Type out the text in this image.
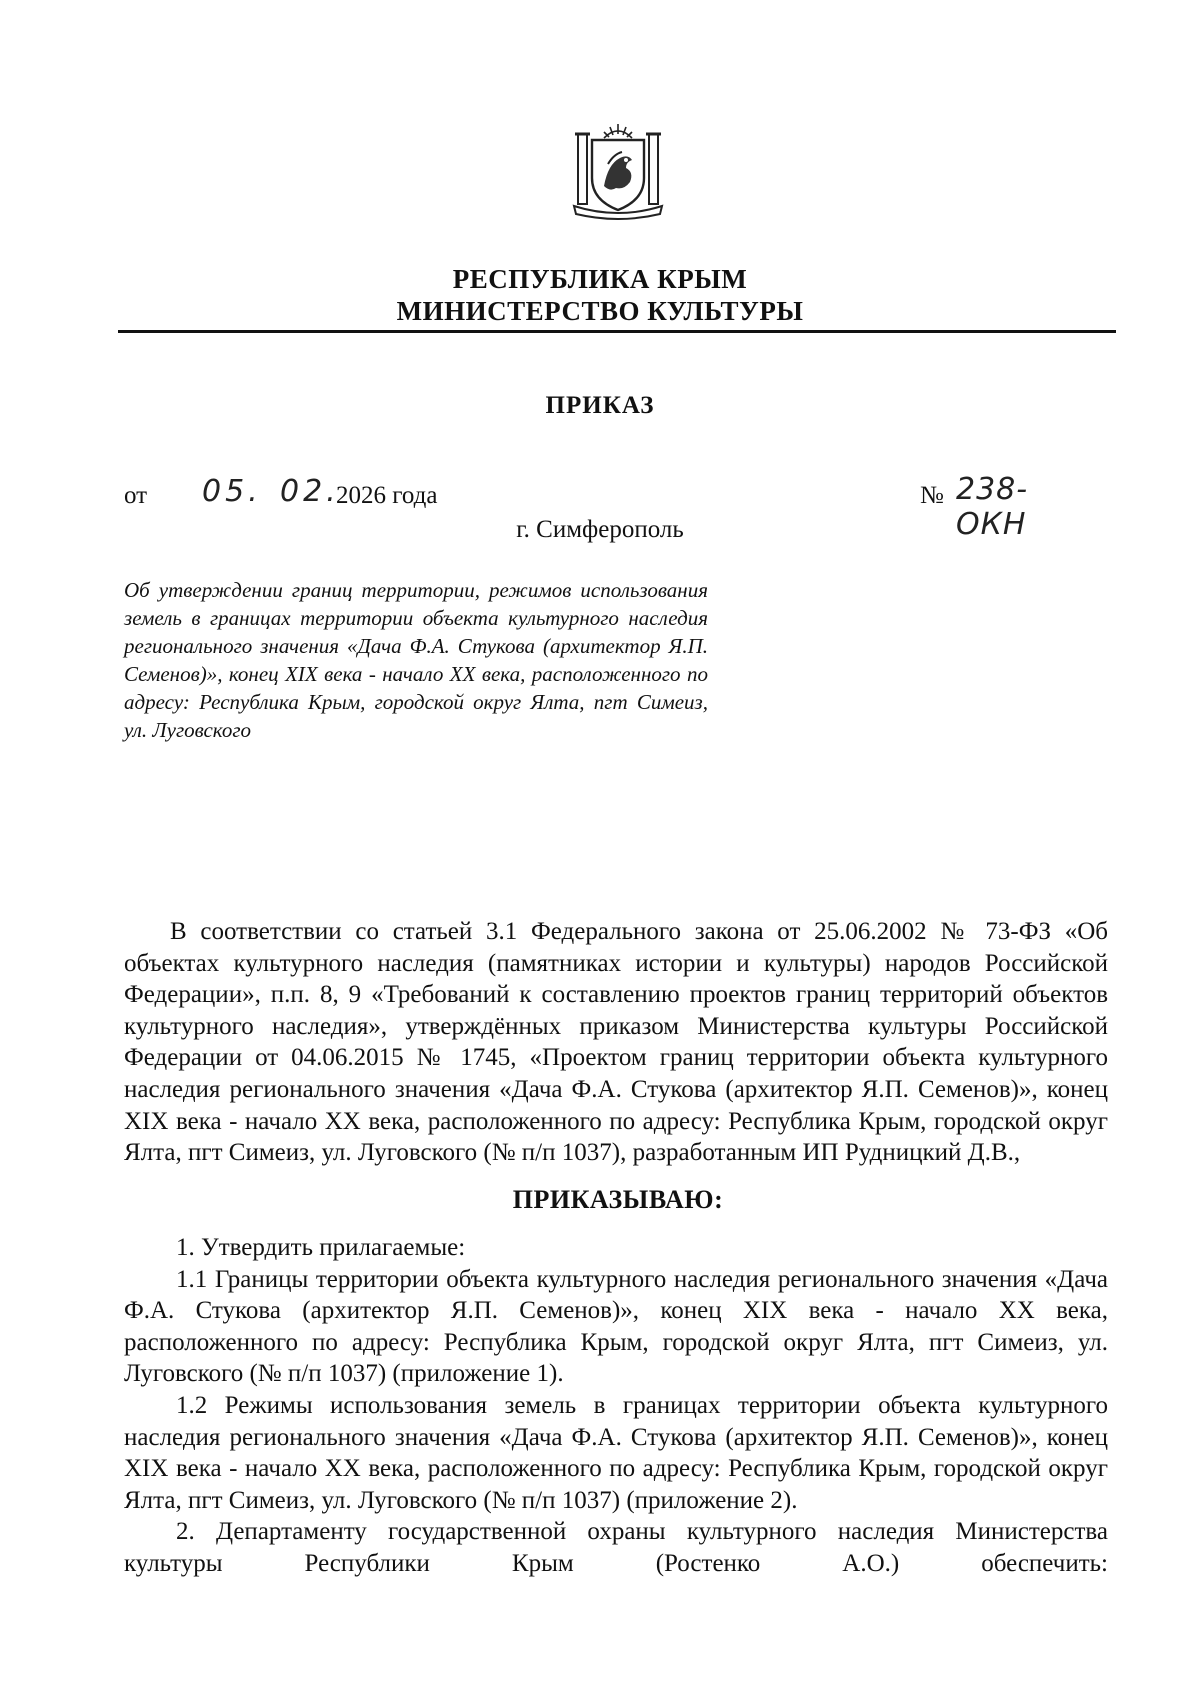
РЕСПУБЛИКА КРЫМ
МИНИСТЕРСТВО КУЛЬТУРЫ
ПРИКАЗ
от 05. 02.
2026 года	№ 238-ОКН
г. Симферополь
Об утверждении границ территории, режимов использования земель в границах территории объекта культурного наследия регионального значения «Дача Ф.А. Стукова (архитектор Я.П. Семенов)», конец XIX века - начало XX века, расположенного по адресу: Республика Крым, городской округ Ялта, пгт Симеиз, ул. Луговского
В соответствии со статьей 3.1 Федерального закона от 25.06.2002 № 73-ФЗ «Об объектах культурного наследия (памятниках истории и культуры) народов Российской Федерации», п.п. 8, 9 «Требований к составлению проектов границ территорий объектов культурного наследия», утверждённых приказом Министерства культуры Российской Федерации от 04.06.2015 № 1745, «Проектом границ территории объекта культурного наследия регионального значения «Дача Ф.А. Стукова (архитектор Я.П. Семенов)», конец XIX века - начало XX века, расположенного по адресу: Республика Крым, городской округ Ялта, пгт Симеиз, ул. Луговского (№ п/п 1037), разработанным ИП Рудницкий Д.В.,
ПРИКАЗЫВАЮ:

1. Утвердить прилагаемые:

1.1 Границы территории объекта культурного наследия регионального значения «Дача Ф.А. Стукова (архитектор Я.П. Семенов)», конец XIX века - начало XX века, расположенного по адресу: Республика Крым, городской округ Ялта, пгт Симеиз, ул. Луговского (№ п/п 1037) (приложение 1).

1.2 Режимы использования земель в границах территории объекта культурного наследия регионального значения «Дача Ф.А. Стукова (архитектор Я.П. Семенов)», конец XIX века - начало XX века, расположенного по адресу: Республика Крым, городской округ Ялта, пгт Симеиз, ул. Луговского (№ п/п 1037) (приложение 2).

2. Департаменту государственной охраны культурного наследия Министерства культуры Республики Крым (Ростенко А.О.) обеспечить:
